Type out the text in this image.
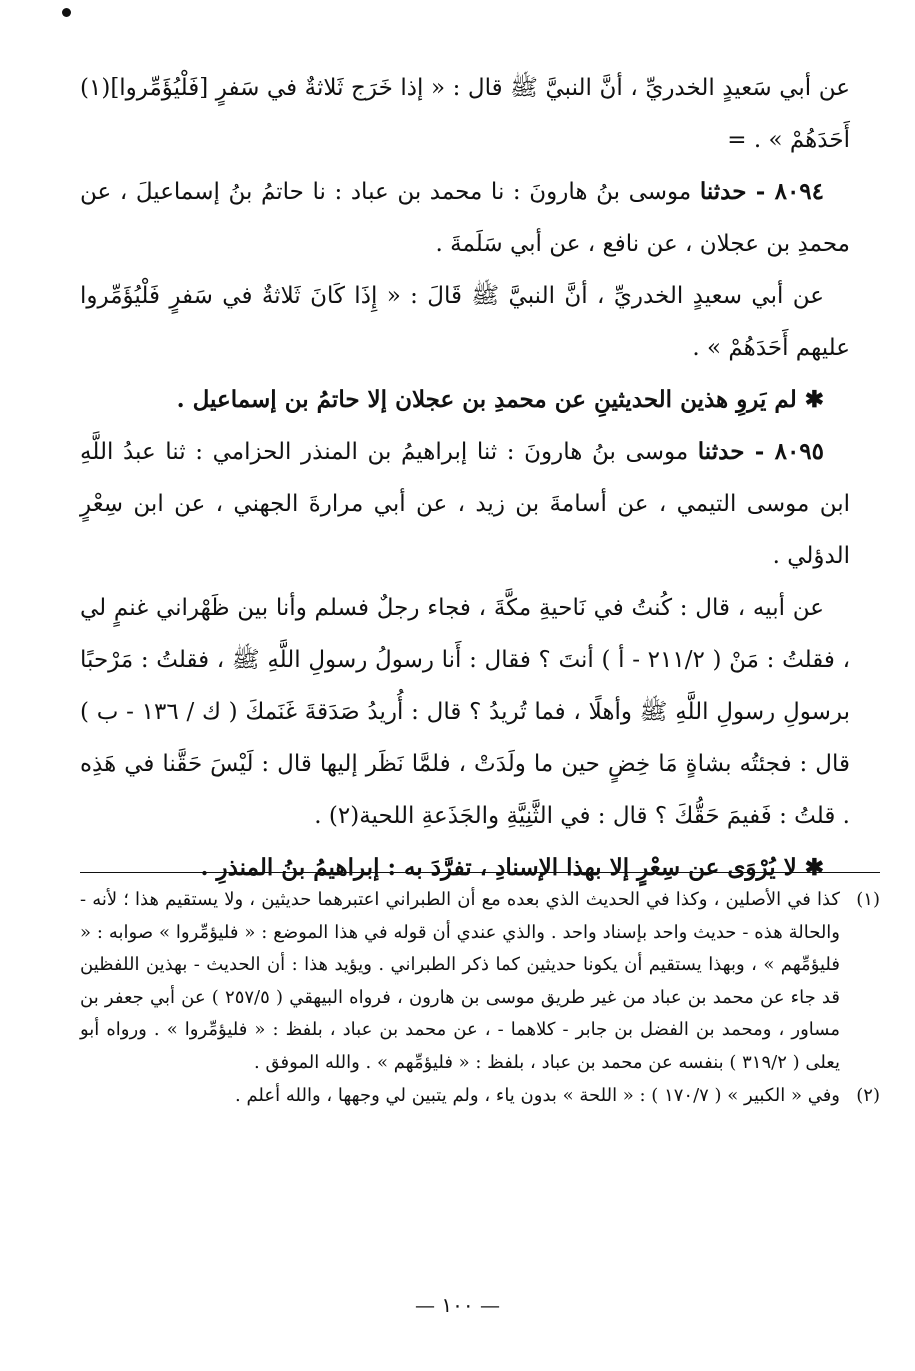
عن أبي سَعيدٍ الخدريِّ ، أنَّ النبيَّ ﷺ قال : « إذا خَرَج ثَلاثةٌ في سَفرٍ [فَلْيُؤَمِّروا](١) أَحَدَهُمْ » . =

٨٠٩٤ - حدثنا موسى بنُ هارونَ : نا محمد بن عباد : نا حاتمُ بنُ إسماعيلَ ، عن محمدِ بن عجلان ، عن نافع ، عن أبي سَلَمةَ .

عن أبي سعيدٍ الخدريِّ ، أنَّ النبيَّ ﷺ قَالَ : « إِذَا كَانَ ثَلاثةٌ في سَفرٍ فَلْيُؤَمِّروا عليهم أَحَدَهُمْ » .

✱ لم يَروِ هذين الحديثينِ عن محمدِ بن عجلان إلا حاتمُ بن إسماعيل .

٨٠٩٥ - حدثنا موسى بنُ هارونَ : ثنا إبراهيمُ بن المنذر الحزامي : ثنا عبدُ اللَّهِ ابن موسى التيمي ، عن أسامةَ بن زيد ، عن أبي مرارةَ الجهني ، عن ابن سِعْرٍ الدؤلي .

عن أبيه ، قال : كُنتُ في نَاحيةِ مكَّةَ ، فجاء رجلٌ فسلم وأنا بين ظَهْراني غنمٍ لي ، فقلتُ : مَنْ ( ٢١١/٢ - أ ) أنتَ ؟ فقال : أَنا رسولُ رسولِ اللَّهِ ﷺ ، فقلتُ : مَرْحبًا برسولِ رسولِ اللَّهِ ﷺ وأهلًا ، فما تُريدُ ؟ قال : أُريدُ صَدَقةَ غَنَمكَ ( ك / ١٣٦ - ب ) قال : فجئتُه بشاةٍ مَا خِضٍ حين ما ولَدَتْ ، فلمَّا نَظَر إليها قال : لَيْسَ حَقَّنا في هَذِه . قلتُ : فَفيمَ حَقُّكَ ؟ قال : في الثَّنِيَّةِ والجَذَعةِ اللحية(٢) .

✱ لا يُرْوَى عن سِعْرٍ إلا بهذا الإسنادِ ، تفرَّدَ به : إبراهيمُ بنُ المنذرِ .

(١)

كذا في الأصلين ، وكذا في الحديث الذي بعده مع أن الطبراني اعتبرهما حديثين ، ولا يستقيم هذا ؛ لأنه - والحالة هذه - حديث واحد بإسناد واحد . والذي عندي أن قوله في هذا الموضع : « فليؤمِّروا » صوابه : « فليؤمِّهم » ، وبهذا يستقيم أن يكونا حديثين كما ذكر الطبراني . ويؤيد هذا : أن الحديث - بهذين اللفظين قد جاء عن محمد بن عباد من غير طريق موسى بن هارون ، فرواه البيهقي ( ٢٥٧/٥ ) عن أبي جعفر بن مساور ، ومحمد بن الفضل بن جابر - كلاهما - ، عن محمد بن عباد ، بلفظ : « فليؤمِّروا » . ورواه أبو يعلى ( ٣١٩/٢ ) بنفسه عن محمد بن عباد ، بلفظ : « فليؤمِّهم » . والله الموفق .

(٢)

وفي « الكبير » ( ١٧٠/٧ ) : « اللحة » بدون ياء ، ولم يتبين لي وجهها ، والله أعلم .

— ١٠٠ —
